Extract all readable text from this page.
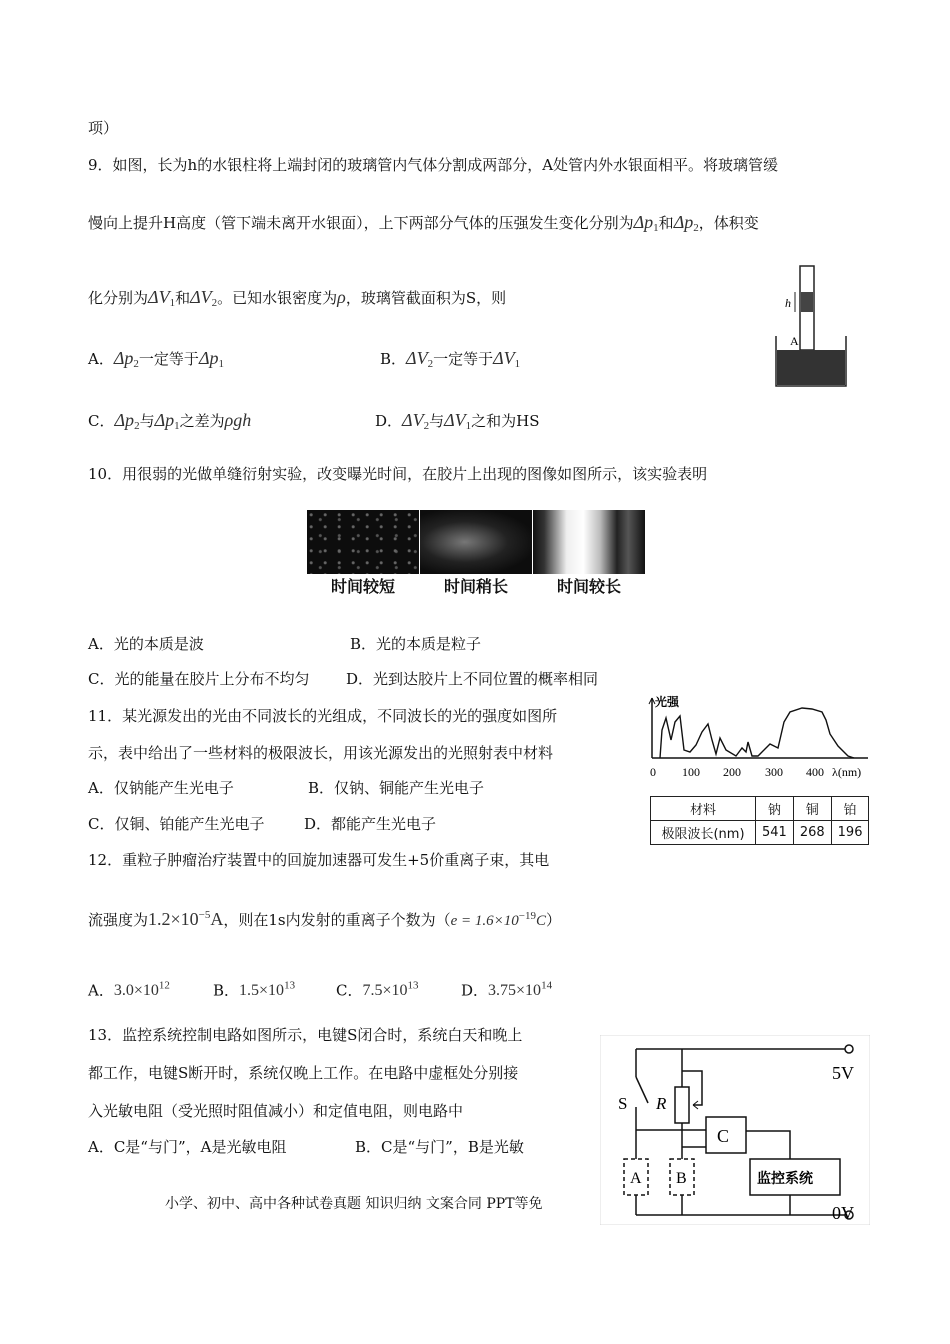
项）
9．如图，长为h的水银柱将上端封闭的玻璃管内气体分割成两部分，A处管内外水银面相平。将玻璃管缓
慢向上提升H高度（管下端未离开水银面），上下两部分气体的压强发生变化分别为$\Delta p_1$和$\Delta p_2$，体积变
化分别为$\Delta V_1$和$\Delta V_2$。已知水银密度为ρ，玻璃管截面积为S，则
A．$\Delta p_2$一定等于$\Delta p_1$	B．$\Delta V_2$一定等于$\Delta V_1$
C．$\Delta p_2$与$\Delta p_1$之差为ρgh	D．$\Delta V_2$与$\Delta V_1$之和为HS
h
A
10．用很弱的光做单缝衍射实验，改变曝光时间，在胶片上出现的图像如图所示，该实验表明
时间较短	时间稍长	时间较长
A．光的本质是波	B．光的本质是粒子
C．光的能量在胶片上分布不均匀 D．光到达胶片上不同位置的概率相同
11．某光源发出的光由不同波长的光组成，不同波长的光的强度如图所
示，表中给出了一些材料的极限波长，用该光源发出的光照射表中材料
A．仅钠能产生光电子	B．仅钠、铜能产生光电子
C．仅铜、铂能产生光电子	D．都能产生光电子
光强
0 100 200 300 400 λ(nm)
材料	钠	铜	铂
极限波长(nm)	541	268	196
12．重粒子肿瘤治疗装置中的回旋加速器可发生+5价重离子束，其电
流强度为$1.2\times 10^{-5}A$，则在1s内发射的重离子个数为$(e = 1.6\times 10^{-19}C)$
A．$3.0\times 10^{12}$	B．$1.5\times 10^{13}$	C．$7.5\times 10^{13}$	D．$3.75\times 10^{14}$
13．监控系统控制电路如图所示，电键S闭合时，系统白天和晚上
都工作，电键S断开时，系统仅晚上工作。在电路中虚框处分别接
入光敏电阻（受光照时阻值减小）和定值电阻，则电路中
A．C是“与门”，A是光敏电阻	B．C是“与门”，B是光敏
5V
0V
S R
C
监控系统
A B
小学、初中、高中各种试卷真题 知识归纳 文案合同 PPT等免
